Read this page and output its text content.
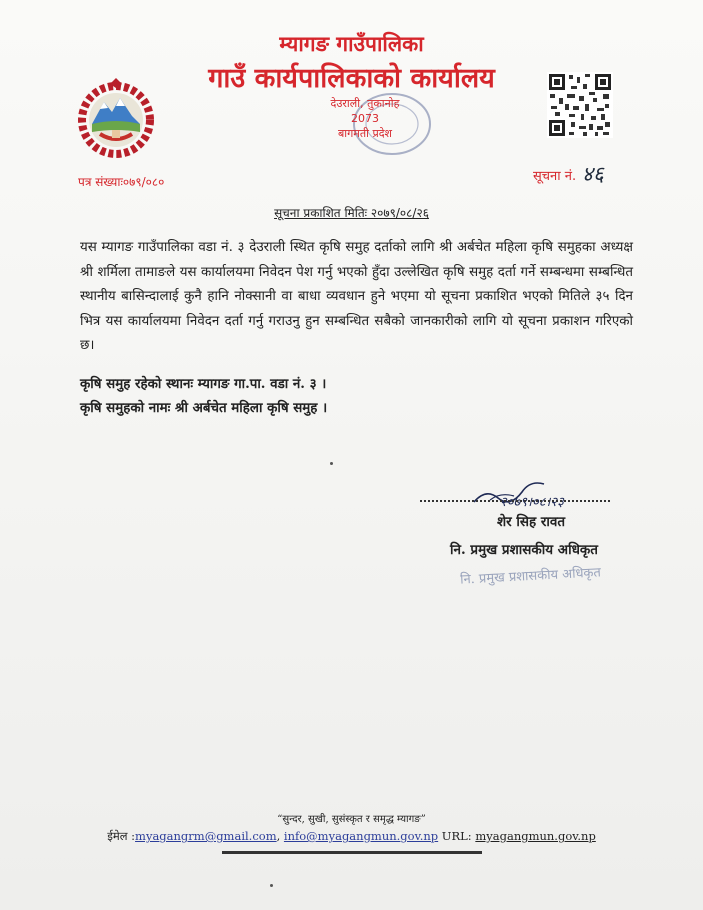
म्यागङ गाउँपालिका
गाउँ कार्यपालिकाको कार्यालय
देउराली, तुकानोह
2073
बागमती प्रदेश
पत्र संख्याः०७९/०८०	सूचना नं. ४६
सूचना प्रकाशित मितिः २०७९/०८/२६
यस म्यागङ गाउँपालिका वडा नं. ३ देउराली स्थित कृषि समुह दर्ताको लागि श्री अर्बचेत महिला कृषि समुहका अध्यक्ष श्री शर्मिला तामाङले यस कार्यालयमा निवेदन पेश गर्नु भएको हुँदा उल्लेखित कृषि समुह दर्ता गर्ने सम्बन्धमा सम्बन्धित स्थानीय बासिन्दालाई कुनै हानि नोक्सानी वा बाधा व्यवधान हुने भएमा यो सूचना प्रकाशित भएको मितिले ३५ दिन भित्र यस कार्यालयमा निवेदन दर्ता गर्नु गराउनु हुन सम्बन्धित सबैको जानकारीको लागि यो सूचना प्रकाशन गरिएको छ।
कृषि समुह रहेको स्थानः म्यागङ गा.पा. वडा नं. ३ ।
कृषि समुहको नामः श्री अर्बचेत महिला कृषि समुह ।
२०७९।०८।२३
शेर सिह रावत
नि. प्रमुख प्रशासकीय अधिकृत
नि. प्रमुख प्रशासकीय अधिकृत
“सुन्दर, सुखी, सुसंस्कृत र समृद्ध म्यागङ”
ईमेल :myagangrm@gmail.com, info@myagangmun.gov.np URL: myagangmun.gov.np
